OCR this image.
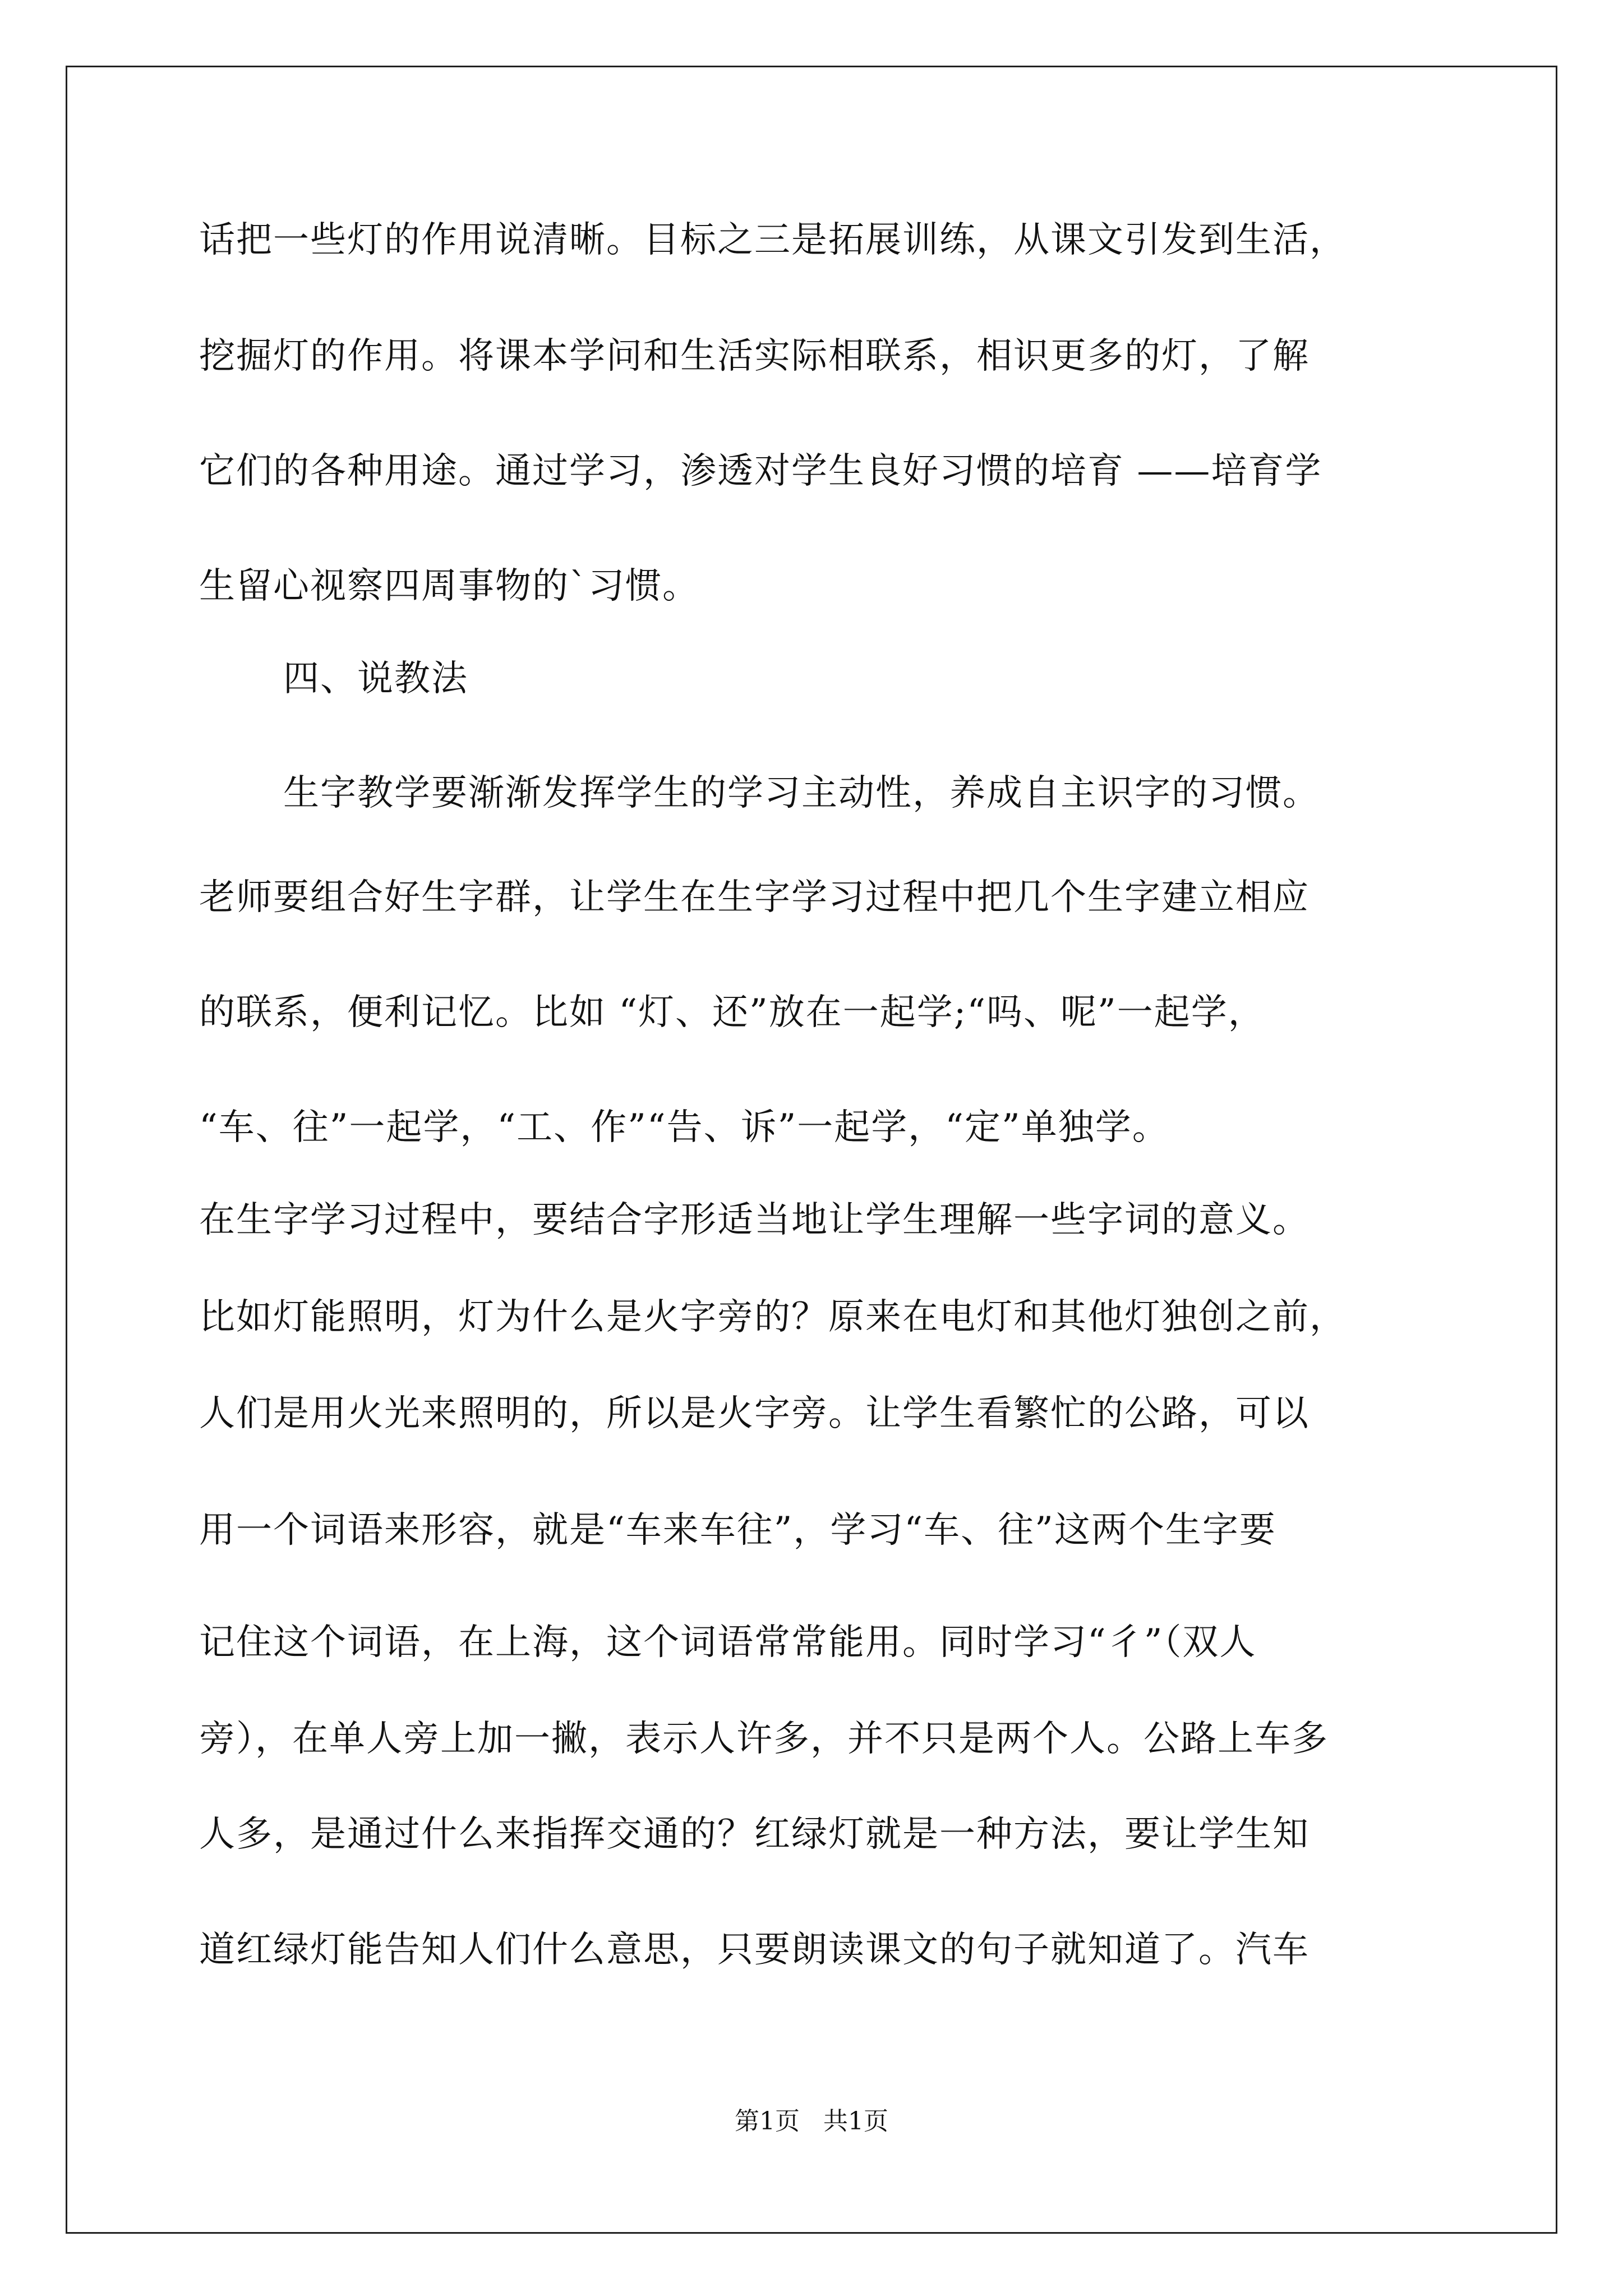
话把一些灯的作用说清晰。目标之三是拓展训练，从课文引发到生活，
挖掘灯的作用。将课本学问和生活实际相联系，相识更多的灯，了解
它们的各种用途。通过学习，渗透对学生良好习惯的培育 ——培育学
生留心视察四周事物的`习惯。
四、说教法
生字教学要渐渐发挥学生的学习主动性，养成自主识字的习惯。
老师要组合好生字群，让学生在生字学习过程中把几个生字建立相应
的联系，便利记忆。比如 “灯、还”放在一起学;“吗、呢”一起学，
“车、往”一起学，“工、作”“告、诉”一起学，“定”单独学。
在生字学习过程中，要结合字形适当地让学生理解一些字词的意义。
比如灯能照明，灯为什么是火字旁的？原来在电灯和其他灯独创之前，
人们是用火光来照明的，所以是火字旁。让学生看繁忙的公路，可以
用一个词语来形容，就是“车来车往”，学习“车、往”这两个生字要
记住这个词语，在上海，这个词语常常能用。同时学习“彳”（双人
旁），在单人旁上加一撇，表示人许多，并不只是两个人。公路上车多
人多，是通过什么来指挥交通的？红绿灯就是一种方法，要让学生知
道红绿灯能告知人们什么意思，只要朗读课文的句子就知道了。汽车
第1页   共1页
